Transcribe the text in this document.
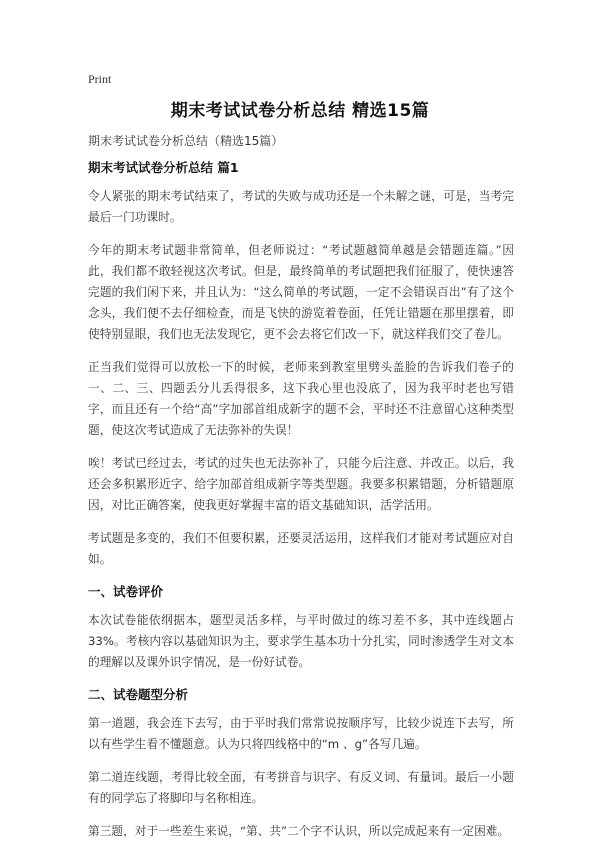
Print
期末考试试卷分析总结 精选15篇
期末考试试卷分析总结（精选15篇）
期末考试试卷分析总结 篇1

令人紧张的期末考试结束了，考试的失败与成功还是一个未解之谜，可是，当考完最后一门功课时。

今年的期末考试题非常简单，但老师说过：“考试题越简单越是会错题连篇。”因此，我们都不敢轻视这次考试。但是，最终简单的考试题把我们征服了，使快速答完题的我们闲下来，并且认为：“这么简单的考试题，一定不会错误百出”有了这个念头，我们便不去仔细检查，而是飞快的游览着卷面，任凭让错题在那里摆着，即使特别显眼，我们也无法发现它，更不会去将它们改一下，就这样我们交了卷儿。

正当我们觉得可以放松一下的时候，老师来到教室里劈头盖脸的告诉我们卷子的一、二、三、四题丢分儿丢得很多，这下我心里也没底了，因为我平时老也写错字，而且还有一个给“高”字加部首组成新字的题不会，平时还不注意留心这种类型题，使这次考试造成了无法弥补的失误！

唉！考试已经过去，考试的过失也无法弥补了，只能今后注意、并改正。以后，我还会多积累形近字、给字加部首组成新字等类型题。我要多积累错题，分析错题原因，对比正确答案，使我更好掌握丰富的语文基础知识，活学活用。

考试题是多变的，我们不但要积累，还要灵活运用，这样我们才能对考试题应对自如。

一、试卷评价

本次试卷能依纲据本，题型灵活多样，与平时做过的练习差不多，其中连线题占33%。考核内容以基础知识为主，要求学生基本功十分扎实，同时渗透学生对文本的理解以及课外识字情况，是一份好试卷。

二、试卷题型分析

第一道题，我会连下去写，由于平时我们常常说按顺序写，比较少说连下去写，所以有些学生看不懂题意。认为只将四线格中的“m 、g”各写几遍。

第二道连线题，考得比较全面，有考拼音与识字、有反义词、有量词。最后一小题有的同学忘了将脚印与名称相连。

第三题，对于一些差生来说，“第、共”二个字不认识，所以完成起来有一定困难。
